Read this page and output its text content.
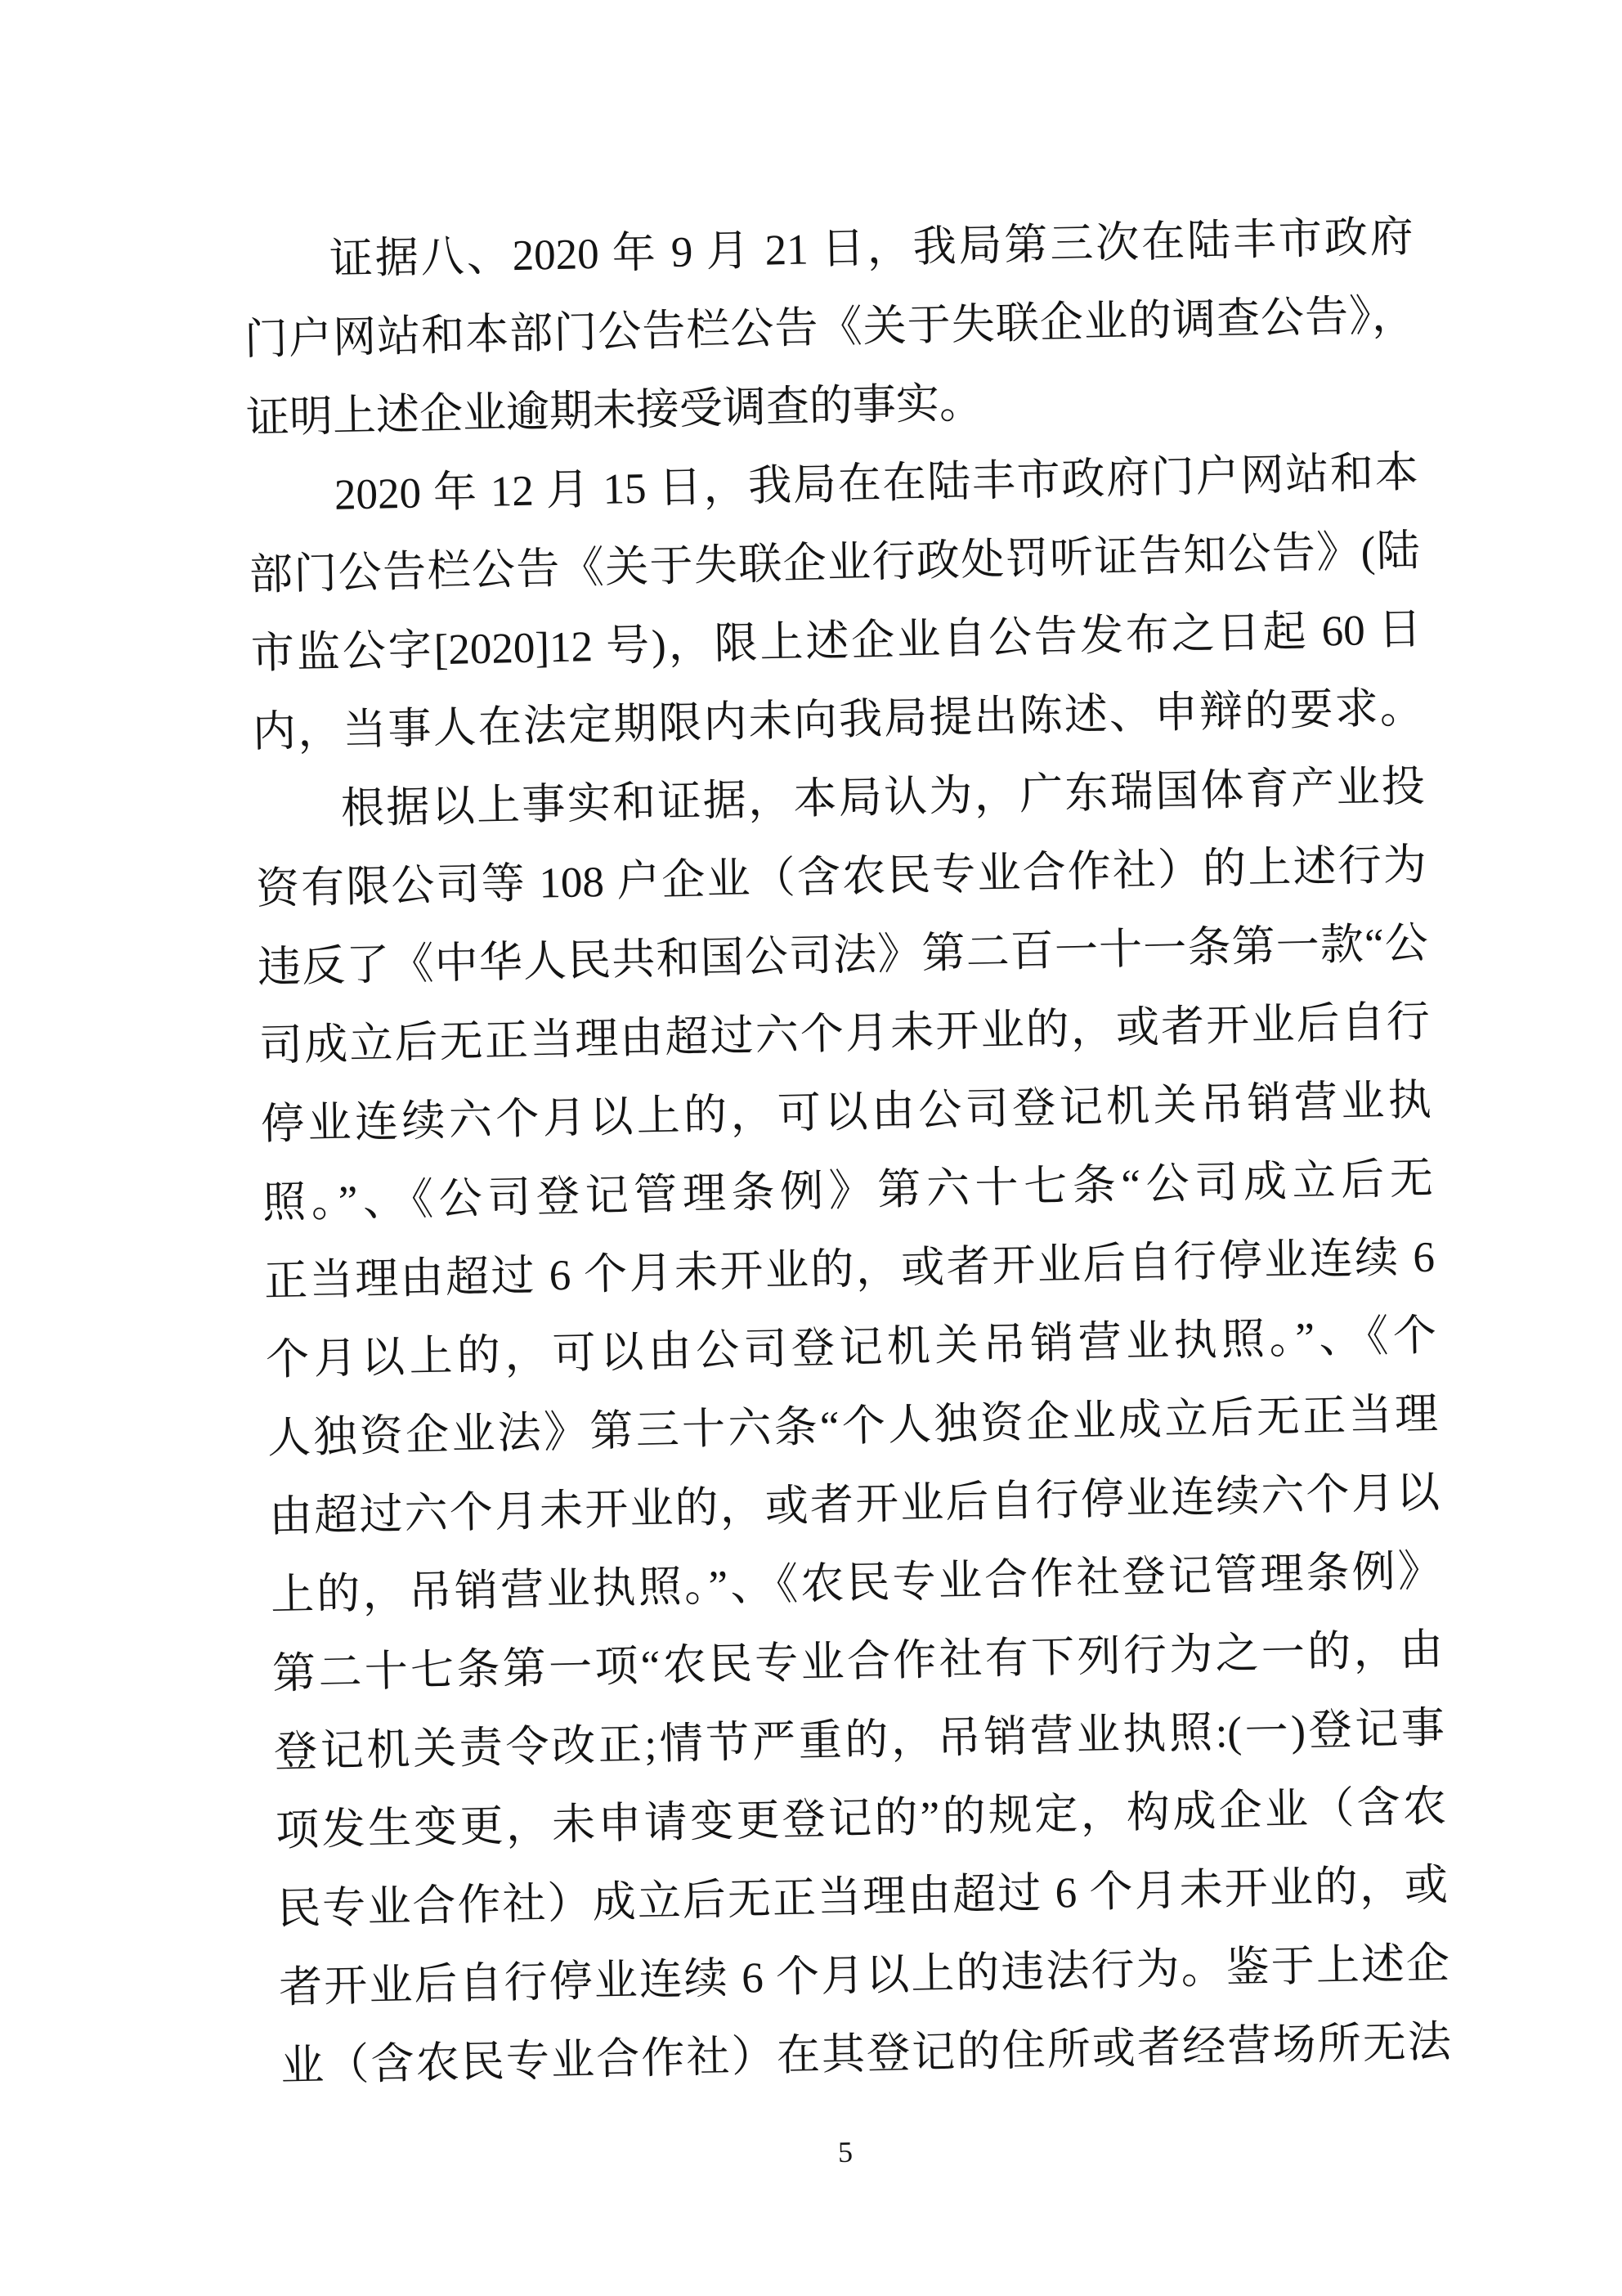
证据八、2020 年 9 月 21 日，我局第三次在陆丰市政府
门户网站和本部门公告栏公告《关于失联企业的调查公告》，
证明上述企业逾期未接受调查的事实。
2020 年 12 月 15 日，我局在在陆丰市政府门户网站和本
部门公告栏公告《关于失联企业行政处罚听证告知公告》(陆
市监公字[2020]12 号)，限上述企业自公告发布之日起 60 日
内，当事人在法定期限内未向我局提出陈述、申辩的要求。
根据以上事实和证据，本局认为，广东瑞国体育产业投
资有限公司等 108 户企业（含农民专业合作社）的上述行为
违反了《中华人民共和国公司法》第二百一十一条第一款“公
司成立后无正当理由超过六个月未开业的，或者开业后自行
停业连续六个月以上的，可以由公司登记机关吊销营业执
照。”、《公司登记管理条例》第六十七条“公司成立后无
正当理由超过 6 个月未开业的，或者开业后自行停业连续 6
个月以上的，可以由公司登记机关吊销营业执照。”、《个
人独资企业法》第三十六条“个人独资企业成立后无正当理
由超过六个月未开业的，或者开业后自行停业连续六个月以
上的，吊销营业执照。”、《农民专业合作社登记管理条例》
第二十七条第一项“农民专业合作社有下列行为之一的，由
登记机关责令改正;情节严重的，吊销营业执照:(一)登记事
项发生变更，未申请变更登记的”的规定，构成企业（含农
民专业合作社）成立后无正当理由超过 6 个月未开业的，或
者开业后自行停业连续 6 个月以上的违法行为。鉴于上述企
业（含农民专业合作社）在其登记的住所或者经营场所无法
5
